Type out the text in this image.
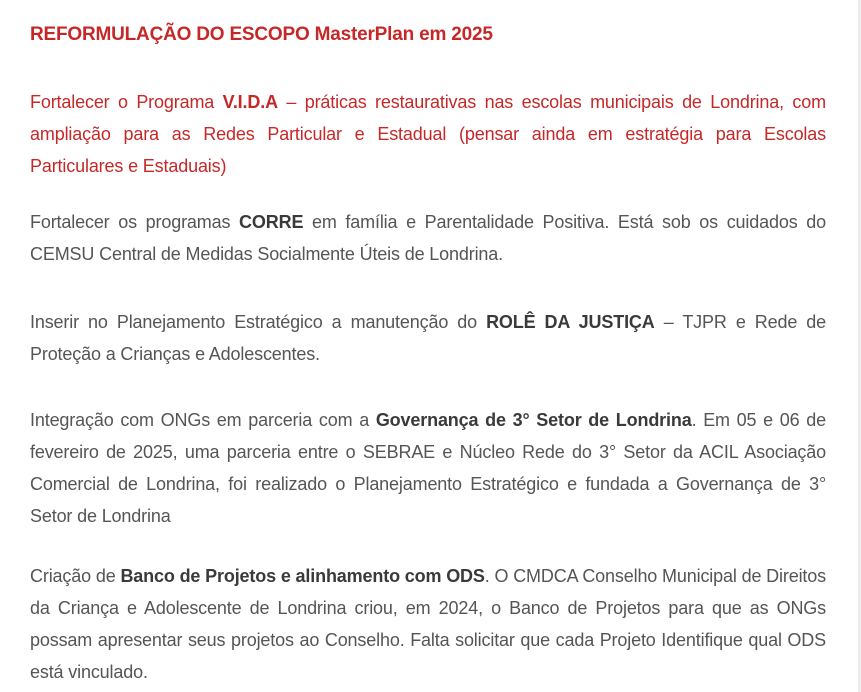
REFORMULAÇÃO DO ESCOPO MasterPlan em 2025

Fortalecer o Programa V.I.D.A – práticas restaurativas nas escolas municipais de Londrina, com ampliação para as Redes Particular e Estadual (pensar ainda em estratégia para Escolas Particulares e Estaduais)

Fortalecer os programas CORRE em família e Parentalidade Positiva. Está sob os cuidados do CEMSU Central de Medidas Socialmente Úteis de Londrina.

Inserir no Planejamento Estratégico a manutenção do ROLÊ DA JUSTIÇA – TJPR e Rede de Proteção a Crianças e Adolescentes.

Integração com ONGs em parceria com a Governança de 3° Setor de Londrina. Em 05 e 06 de fevereiro de 2025, uma parceria entre o SEBRAE e Núcleo Rede do 3° Setor da ACIL Asociação Comercial de Londrina, foi realizado o Planejamento Estratégico e fundada a Governança de 3° Setor de Londrina

Criação de Banco de Projetos e alinhamento com ODS. O CMDCA Conselho Municipal de Direitos da Criança e Adolescente de Londrina criou, em 2024, o Banco de Projetos para que as ONGs possam apresentar seus projetos ao Conselho. Falta solicitar que cada Projeto Identifique qual ODS está vinculado.
